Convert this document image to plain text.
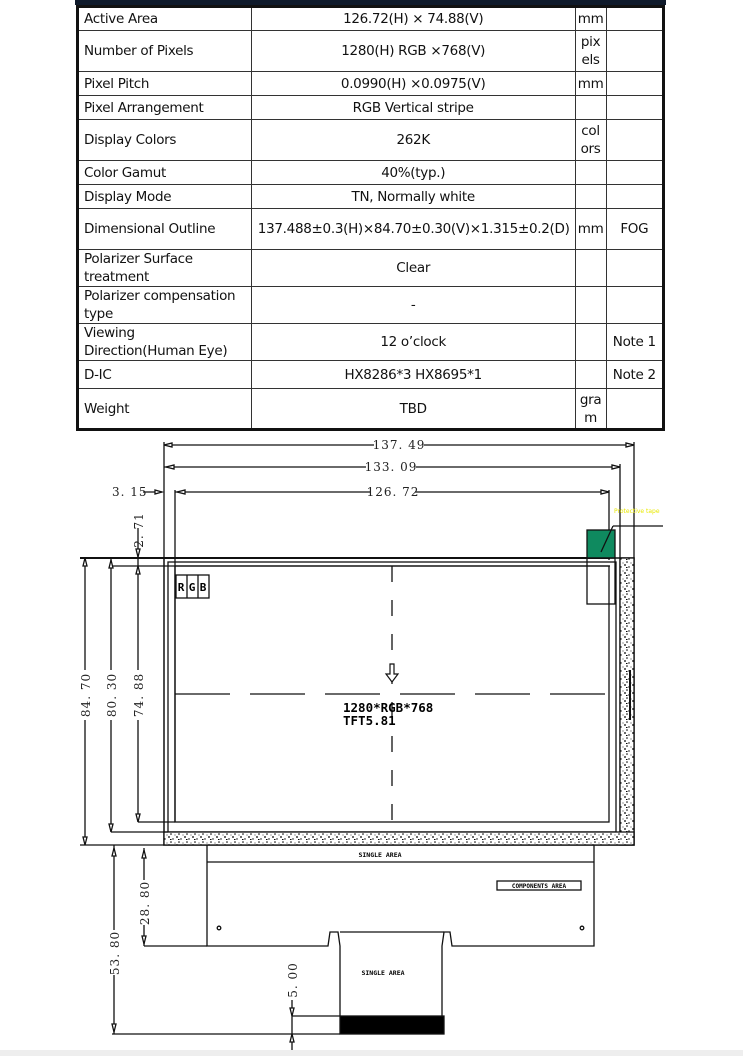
Active Area	126.72(H) × 74.88(V)	mm	
Number of Pixels	1280(H) RGB ×768(V)	pixels	
Pixel Pitch	0.0990(H) ×0.0975(V)	mm	
Pixel Arrangement	RGB Vertical stripe		
Display Colors	262K	colors	
Color Gamut	40%(typ.)		
Display Mode	TN, Normally white		
Dimensional Outline	137.488±0.3(H)×84.70±0.30(V)×1.315±0.2(D)	mm	FOG
Polarizer Surface treatment	Clear		
Polarizer compensation type	-		
Viewing Direction(Human Eye)	12 o’clock		Note 1
D-IC	HX8286*3 HX8695*1		Note 2
Weight	TBD	gram	
137. 49
133. 09
126. 72
3. 15
2. 71
84. 70 80. 30 74. 88
53. 80
28. 80
5. 00
R G B
1280*RGB*768
TFT5.81
Protective tape
SINGLE AREA
SINGLE AREA
COMPONENTS AREA
